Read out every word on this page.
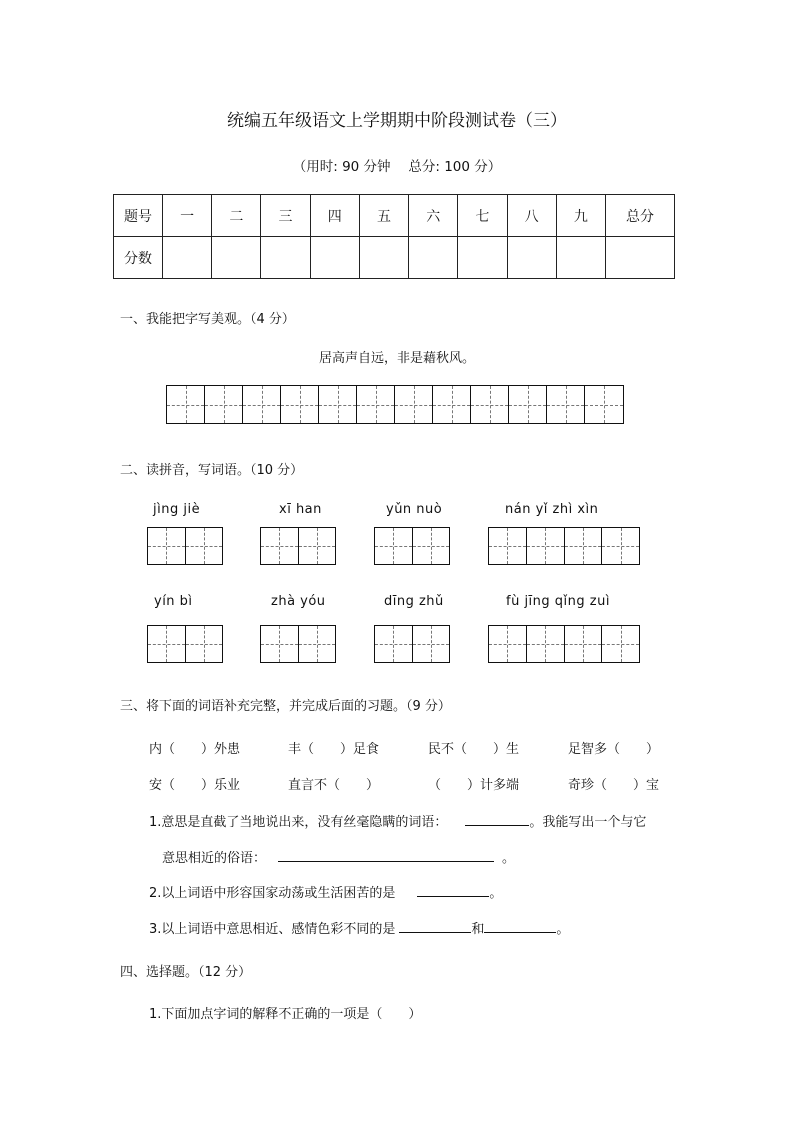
统编五年级语文上学期期中阶段测试卷（三）
（用时: 90 分钟　 总分: 100 分）
题号	一	二	三	四	五	六	七	八	九	总分
分数										
一、我能把字写美观。（4 分）
居高声自远，非是藉秋风。
二、读拼音，写词语。（10 分）
jìng jiè	xī han	yǔn nuò	nán yǐ zhì xìn
yín bì	zhà yóu	dīng zhǔ	fù jīng qǐng zuì
三、将下面的词语补充完整，并完成后面的习题。（9 分）
内（　　）外患	丰（　　）足食	民不（　　）生	足智多（　　）
安（　　）乐业	直言不（　　）	（　　）计多端	奇珍（　　）宝
1.意思是直截了当地说出来，没有丝毫隐瞒的词语：	。我能写出一个与它
意思相近的俗语：	。
2.以上词语中形容国家动荡或生活困苦的是	。
3.以上词语中意思相近、感情色彩不同的是	和	。
四、选择题。（12 分）
1.下面加点字词的解释不正确的一项是（　　）
